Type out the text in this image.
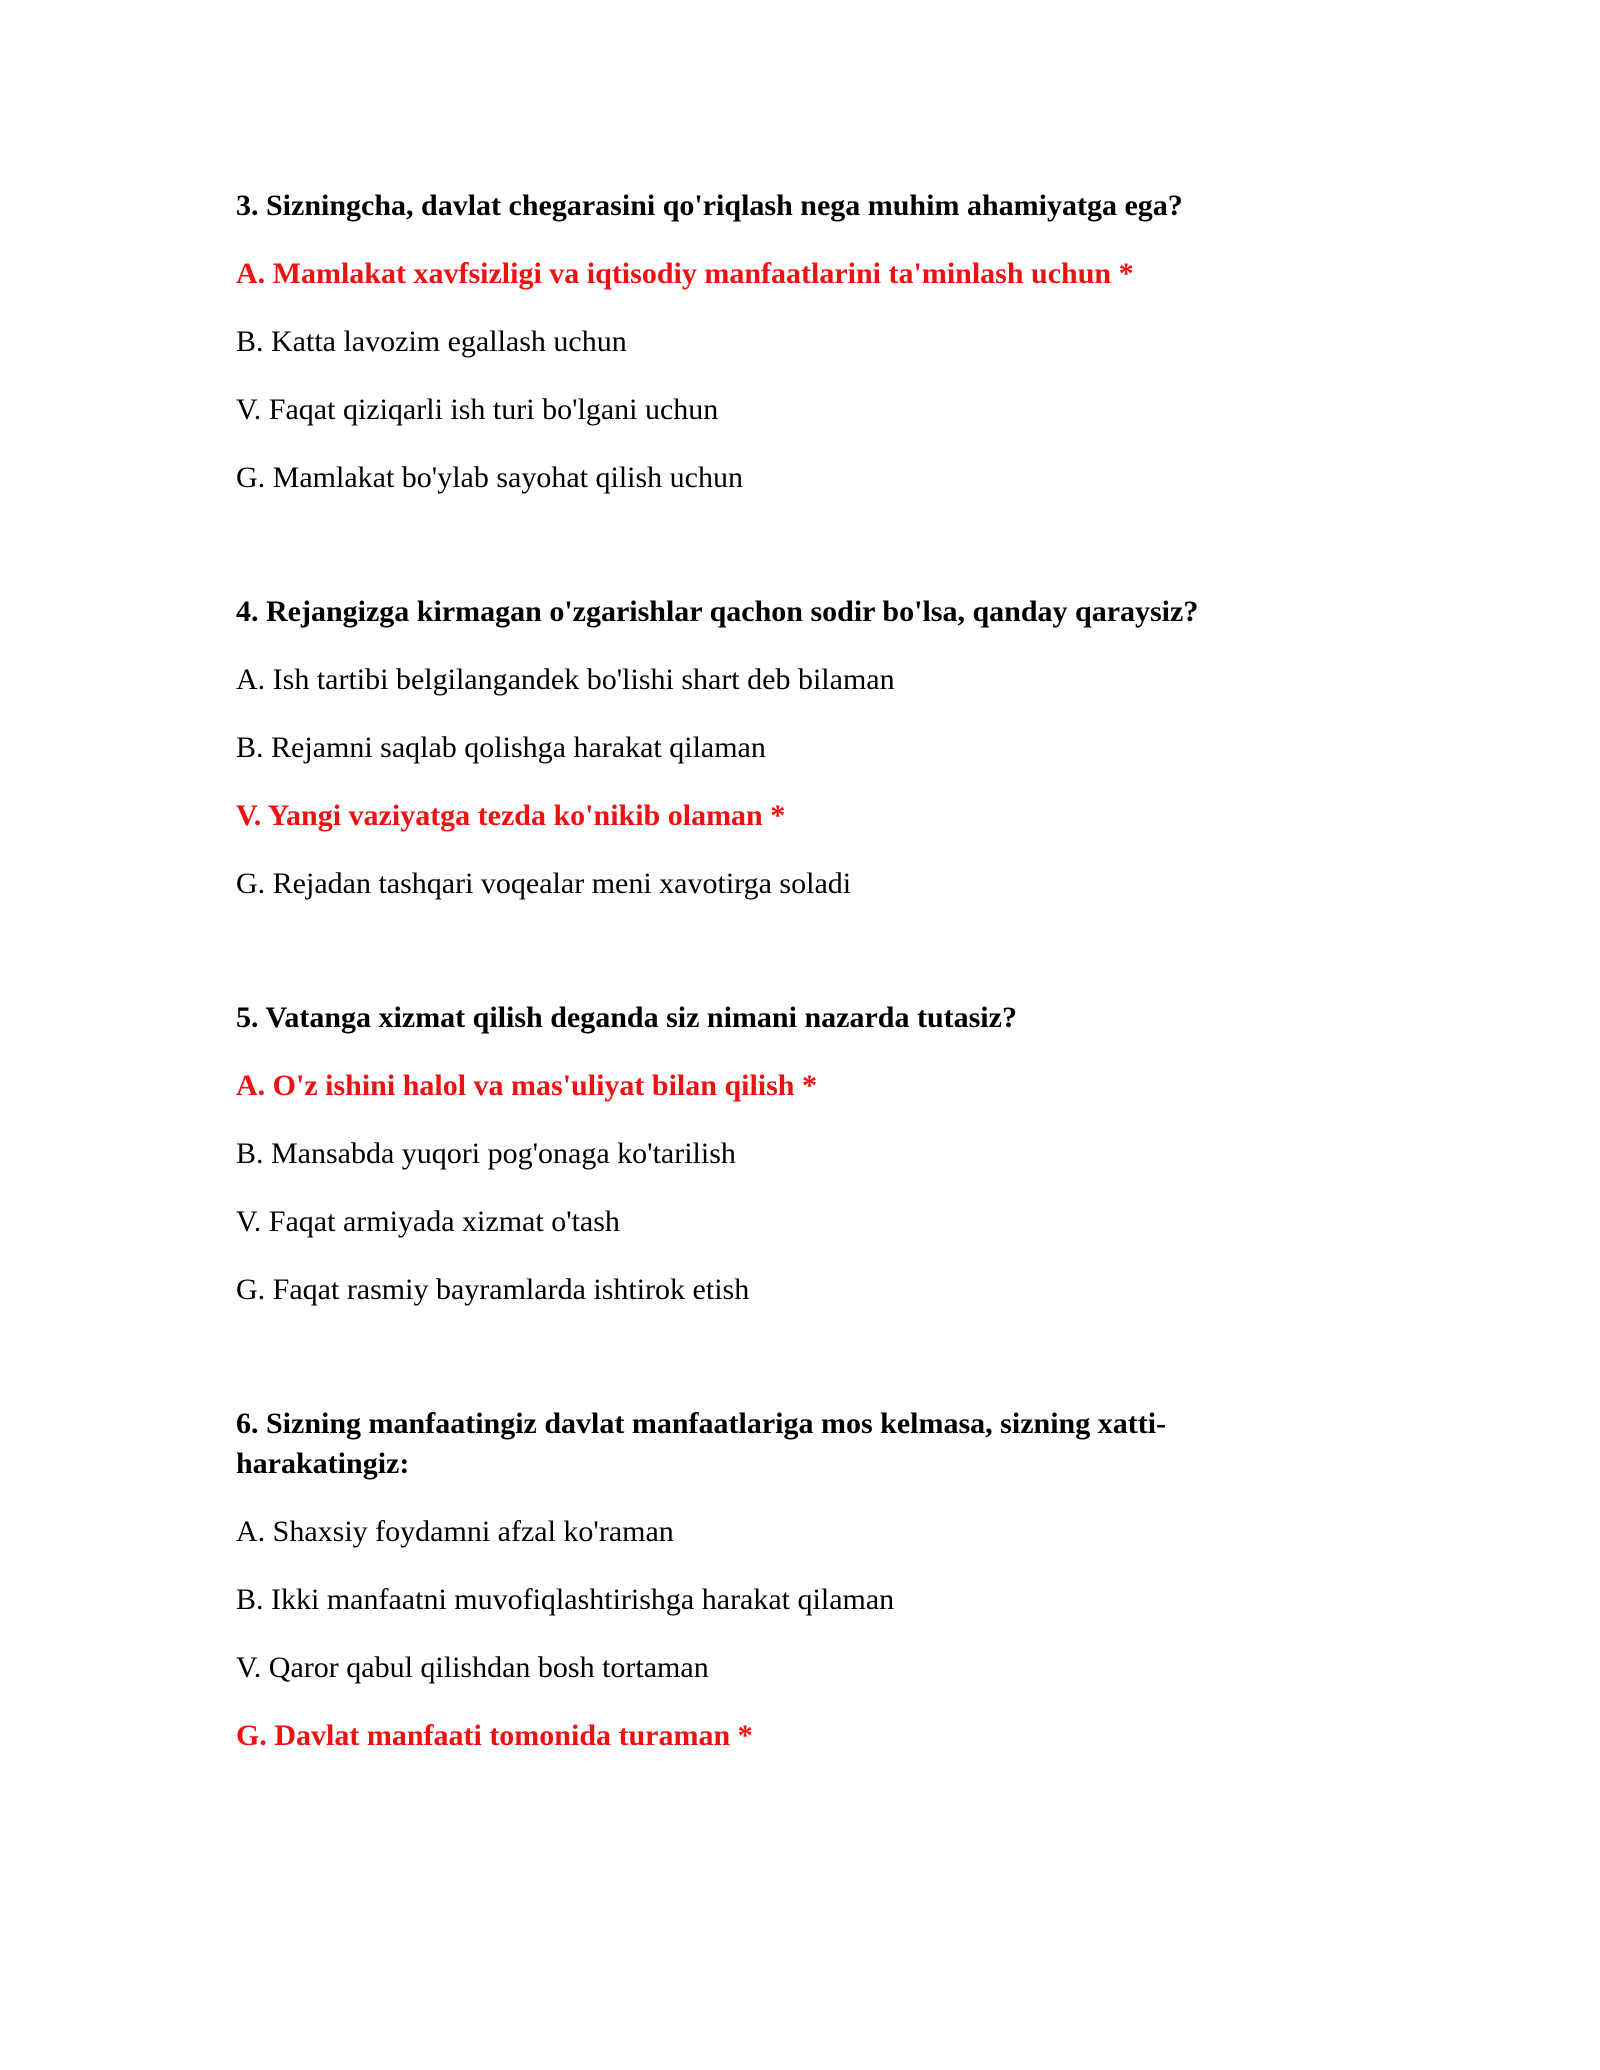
3. Sizningcha, davlat chegarasini qo'riqlash nega muhim ahamiyatga ega?

A. Mamlakat xavfsizligi va iqtisodiy manfaatlarini ta'minlash uchun *

B. Katta lavozim egallash uchun

V. Faqat qiziqarli ish turi bo'lgani uchun

G. Mamlakat bo'ylab sayohat qilish uchun

4. Rejangizga kirmagan o'zgarishlar qachon sodir bo'lsa, qanday qaraysiz?

A. Ish tartibi belgilangandek bo'lishi shart deb bilaman

B. Rejamni saqlab qolishga harakat qilaman

V. Yangi vaziyatga tezda ko'nikib olaman *

G. Rejadan tashqari voqealar meni xavotirga soladi

5. Vatanga xizmat qilish deganda siz nimani nazarda tutasiz?

A. O'z ishini halol va mas'uliyat bilan qilish *

B. Mansabda yuqori pog'onaga ko'tarilish

V. Faqat armiyada xizmat o'tash

G. Faqat rasmiy bayramlarda ishtirok etish

6. Sizning manfaatingiz davlat manfaatlariga mos kelmasa, sizning xatti-harakatingiz:

A. Shaxsiy foydamni afzal ko'raman

B. Ikki manfaatni muvofiqlashtirishga harakat qilaman

V. Qaror qabul qilishdan bosh tortaman

G. Davlat manfaati tomonida turaman *
